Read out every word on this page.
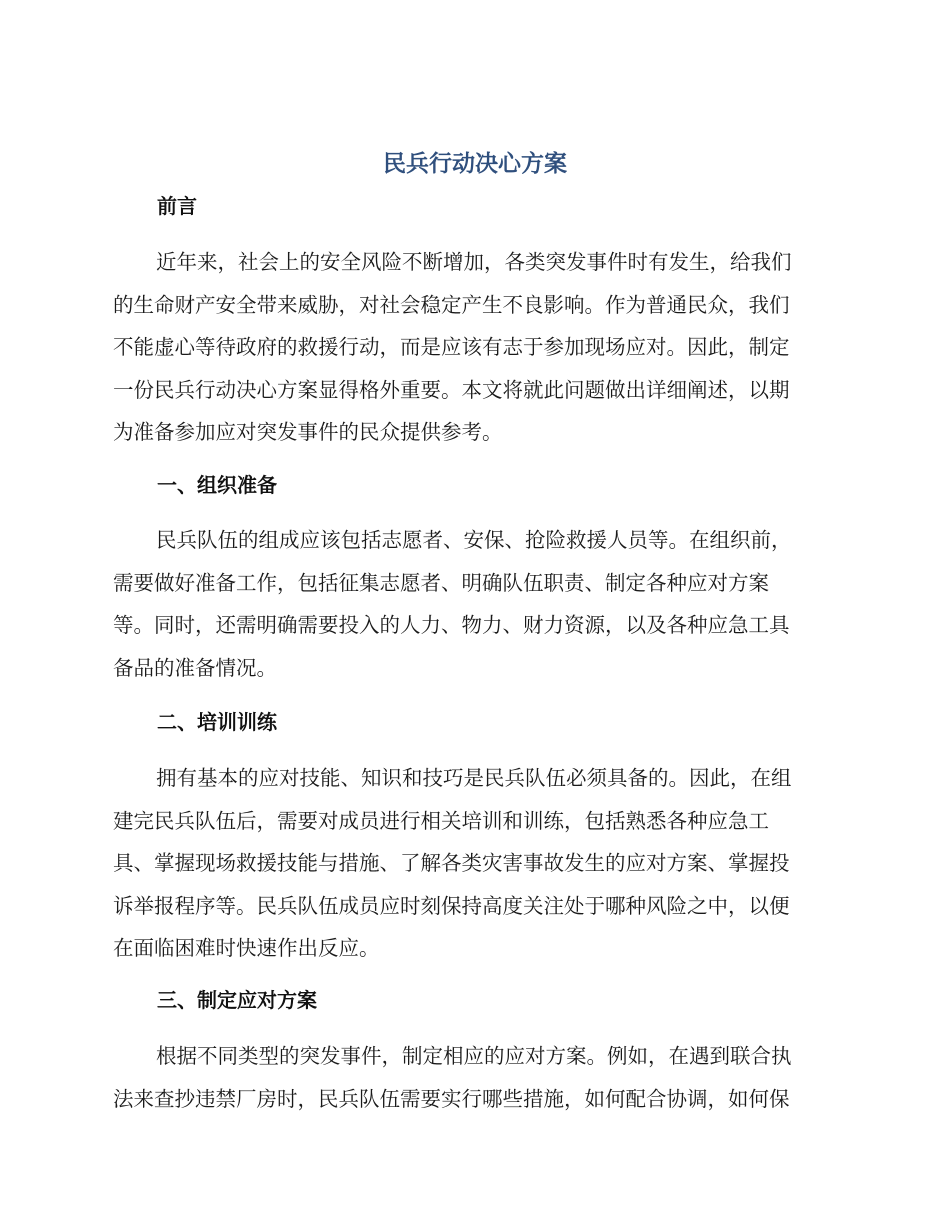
民兵行动决心方案
前言
近年来，社会上的安全风险不断增加，各类突发事件时有发生，给我们
的生命财产安全带来威胁，对社会稳定产生不良影响。作为普通民众，我们
不能虚心等待政府的救援行动，而是应该有志于参加现场应对。因此，制定
一份民兵行动决心方案显得格外重要。本文将就此问题做出详细阐述，以期
为准备参加应对突发事件的民众提供参考。
一、组织准备
民兵队伍的组成应该包括志愿者、安保、抢险救援人员等。在组织前，
需要做好准备工作，包括征集志愿者、明确队伍职责、制定各种应对方案
等。同时，还需明确需要投入的人力、物力、财力资源，以及各种应急工具
备品的准备情况。
二、培训训练
拥有基本的应对技能、知识和技巧是民兵队伍必须具备的。因此，在组
建完民兵队伍后，需要对成员进行相关培训和训练，包括熟悉各种应急工
具、掌握现场救援技能与措施、了解各类灾害事故发生的应对方案、掌握投
诉举报程序等。民兵队伍成员应时刻保持高度关注处于哪种风险之中，以便
在面临困难时快速作出反应。
三、制定应对方案
根据不同类型的突发事件，制定相应的应对方案。例如，在遇到联合执
法来查抄违禁厂房时，民兵队伍需要实行哪些措施，如何配合协调，如何保
